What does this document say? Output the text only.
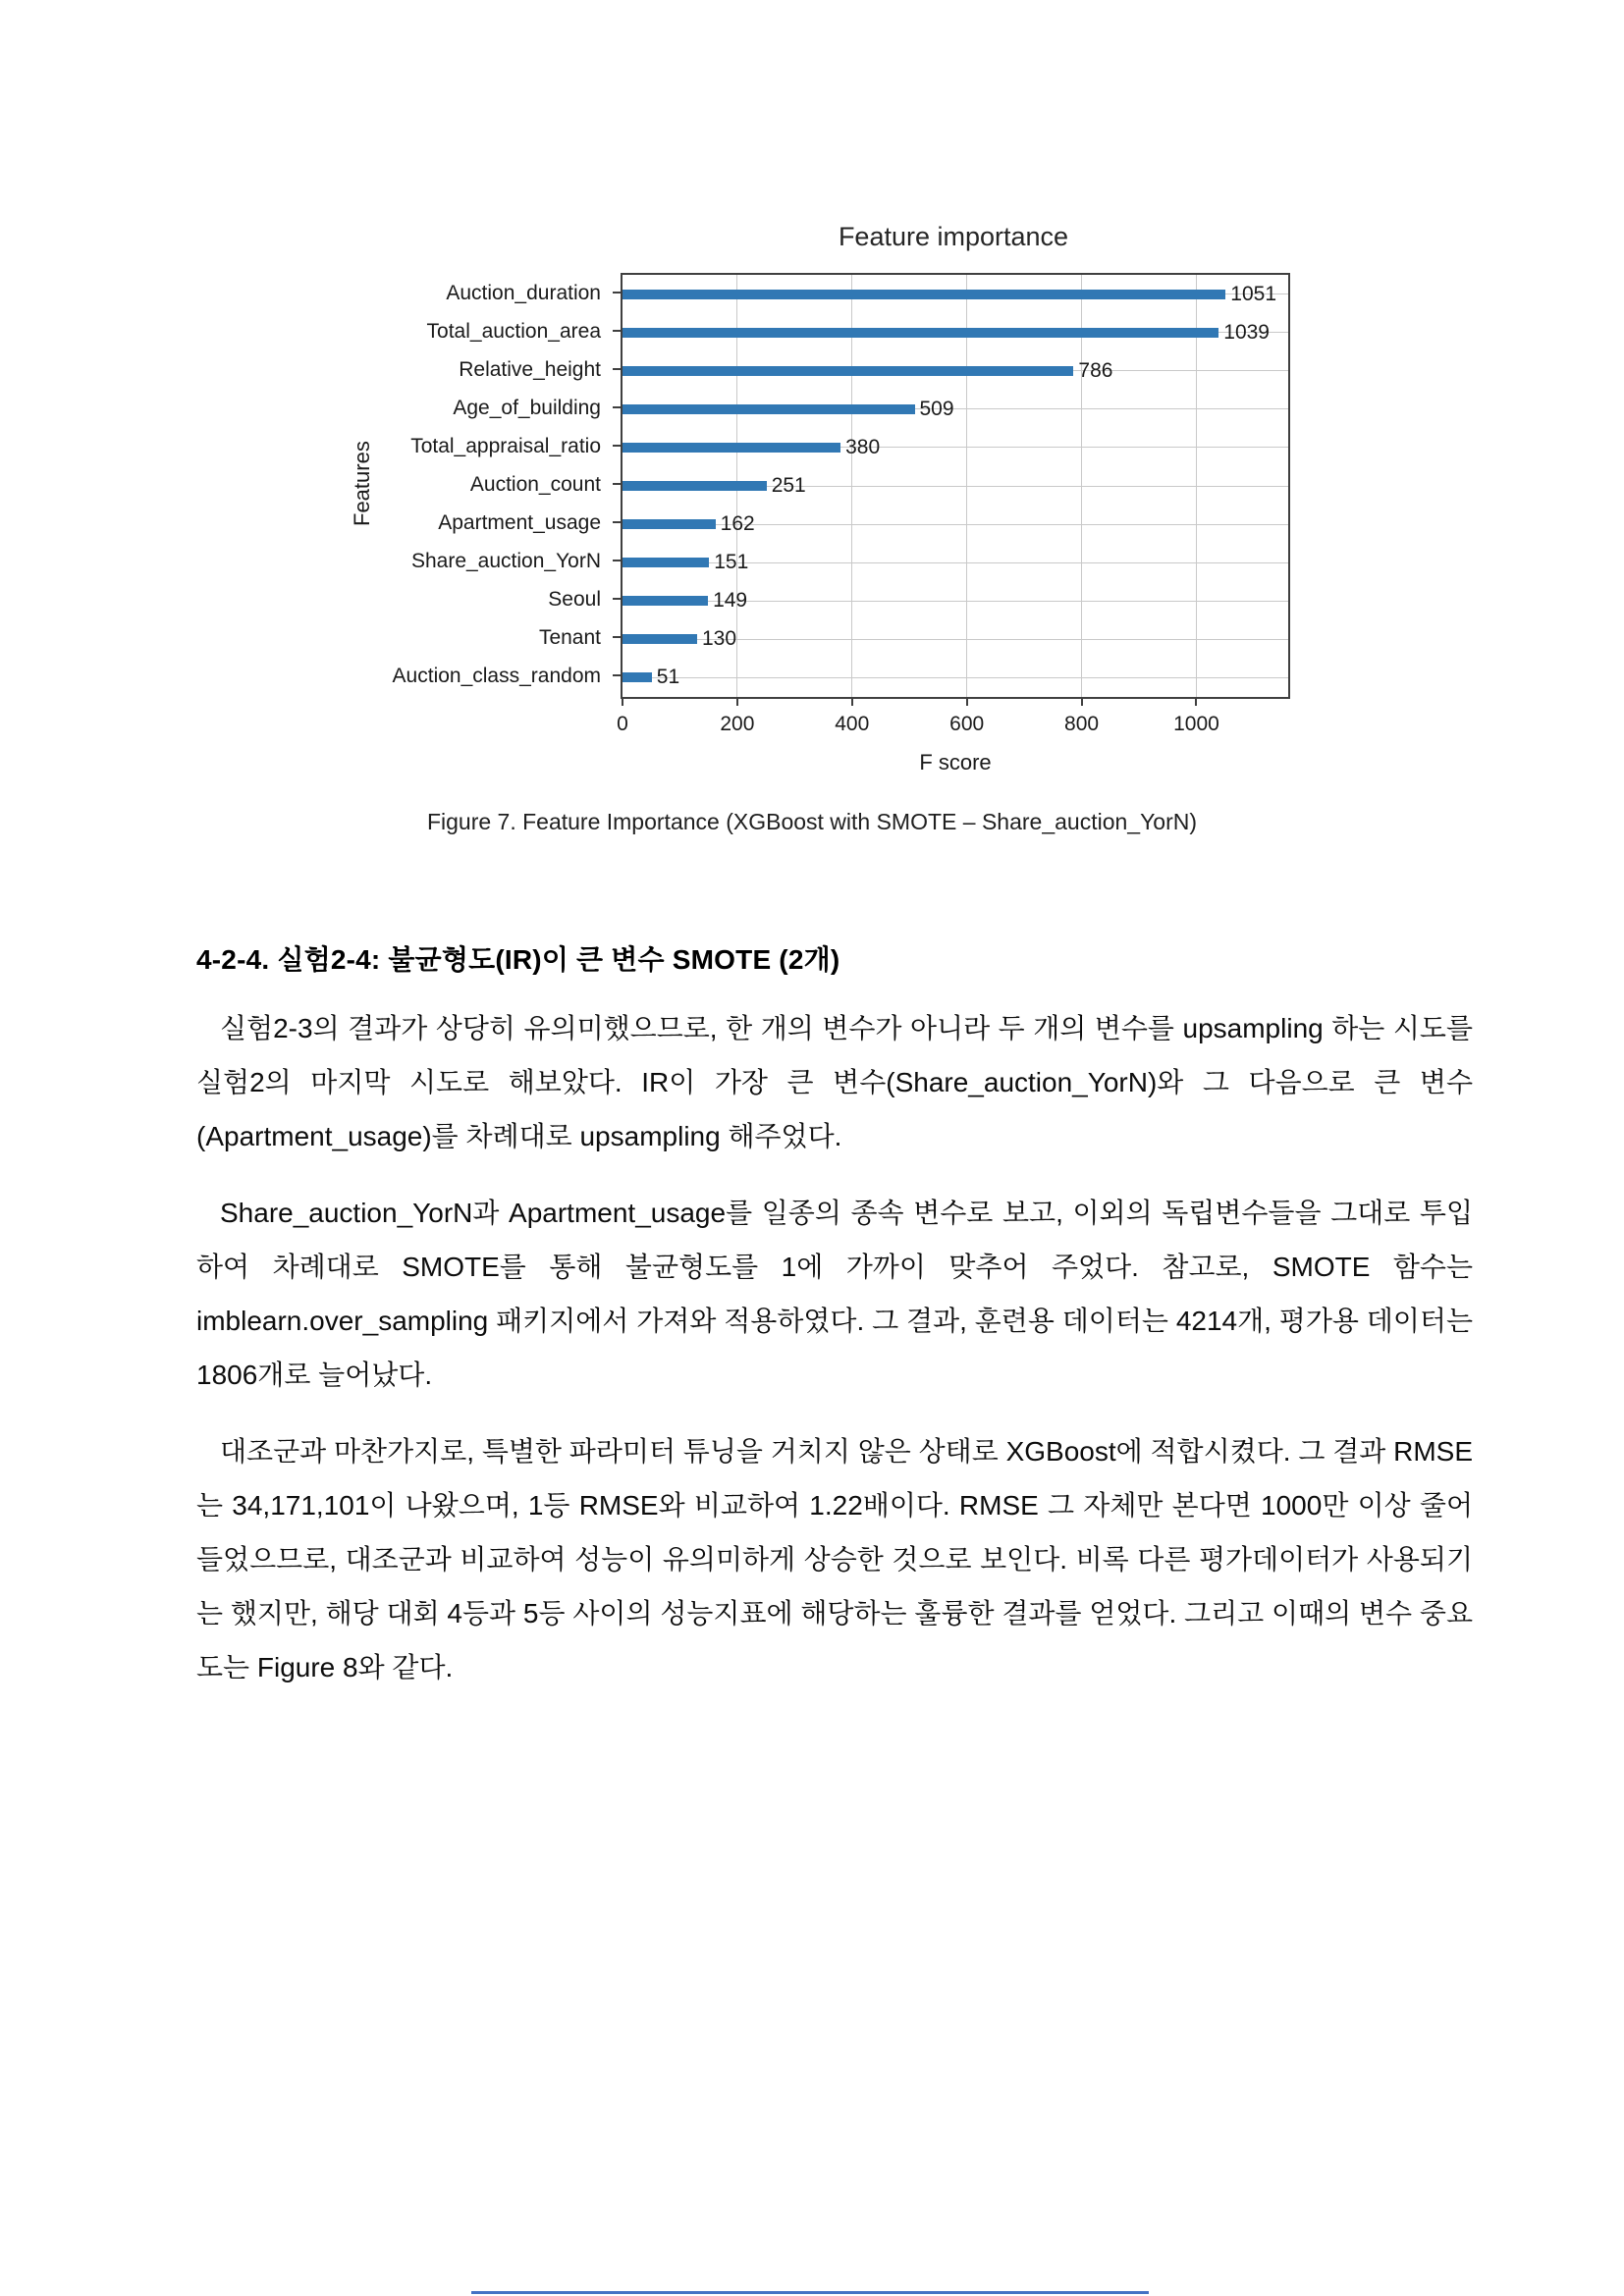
Feature importance
Features
Auction_duration
Total_auction_area
Relative_height
Age_of_building
Total_appraisal_ratio
Auction_count
Apartment_usage
Share_auction_YorN
Seoul
Tenant
Auction_class_random
0	200	400	600	800	1000
1051
1039
786
509
380
251
162
151
149
130
51
F score
Figure 7. Feature Importance (XGBoost with SMOTE – Share_auction_YorN)
4-2-4. 실험2-4: 불균형도(IR)이 큰 변수 SMOTE (2개)

실험2-3의 결과가 상당히 유의미했으므로, 한 개의 변수가 아니라 두 개의 변수를 upsampling 하는 시도를 실험2의 마지막 시도로 해보았다. IR이 가장 큰 변수(Share_auction_YorN)와 그 다음으로 큰 변수(Apartment_usage)를 차례대로 upsampling 해주었다.

Share_auction_YorN과 Apartment_usage를 일종의 종속 변수로 보고, 이외의 독립변수들을 그대로 투입하여 차례대로 SMOTE를 통해 불균형도를 1에 가까이 맞추어 주었다. 참고로, SMOTE 함수는 imblearn.over_sampling 패키지에서 가져와 적용하였다. 그 결과, 훈련용 데이터는 4214개, 평가용 데이터는 1806개로 늘어났다.

대조군과 마찬가지로, 특별한 파라미터 튜닝을 거치지 않은 상태로 XGBoost에 적합시켰다. 그 결과 RMSE는 34,171,101이 나왔으며, 1등 RMSE와 비교하여 1.22배이다. RMSE 그 자체만 본다면 1000만 이상 줄어들었으므로, 대조군과 비교하여 성능이 유의미하게 상승한 것으로 보인다. 비록 다른 평가데이터가 사용되기는 했지만, 해당 대회 4등과 5등 사이의 성능지표에 해당하는 훌륭한 결과를 얻었다. 그리고 이때의 변수 중요도는 Figure 8와 같다.
